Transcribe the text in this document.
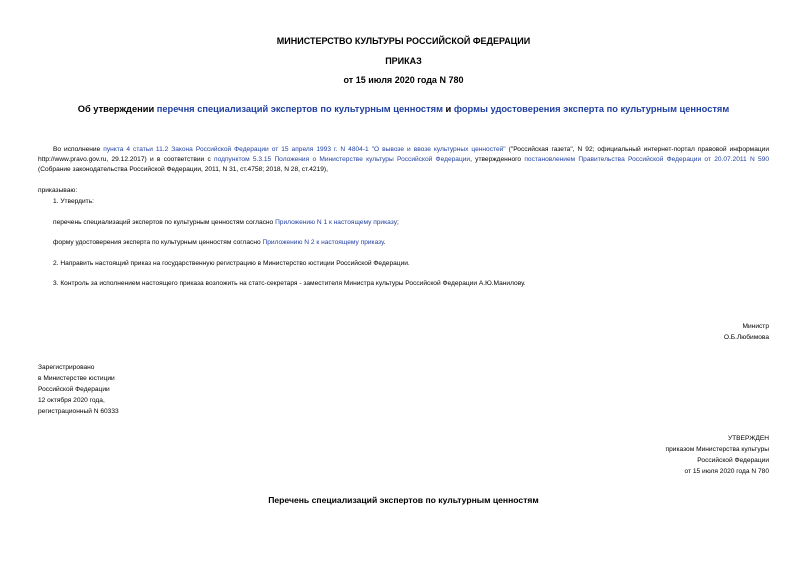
МИНИСТЕРСТВО КУЛЬТУРЫ РОССИЙСКОЙ ФЕДЕРАЦИИ
ПРИКАЗ
от 15 июля 2020 года N 780
Об утверждении перечня специализаций экспертов по культурным ценностям и формы удостоверения эксперта по культурным ценностям
Во исполнение пункта 4 статьи 11.2 Закона Российской Федерации от 15 апреля 1993 г. N 4804-1 "О вывозе и ввозе культурных ценностей" ("Российская газета", N 92; официальный интернет-портал правовой информации http://www.pravo.gov.ru, 29.12.2017) и в соответствии с подпунктом 5.3.15 Положения о Министерстве культуры Российской Федерации, утвержденного постановлением Правительства Российской Федерации от 20.07.2011 N 590 (Собрание законодательства Российской Федерации, 2011, N 31, ст.4758; 2018, N 28, ст.4219),
приказываю:
1. Утвердить:
перечень специализаций экспертов по культурным ценностям согласно Приложению N 1 к настоящему приказу;
форму удостоверения эксперта по культурным ценностям согласно Приложению N 2 к настоящему приказу.
2. Направить настоящий приказ на государственную регистрацию в Министерство юстиции Российской Федерации.
3. Контроль за исполнением настоящего приказа возложить на статс-секретаря - заместителя Министра культуры Российской Федерации А.Ю.Манилову.
Министр
О.Б.Любимова
Зарегистрировано
в Министерстве юстиции
Российской Федерации
12 октября 2020 года,
регистрационный N 60333
УТВЕРЖДЕН
приказом Министерства культуры
Российской Федерации
от 15 июля 2020 года N 780
Перечень специализаций экспертов по культурным ценностям
